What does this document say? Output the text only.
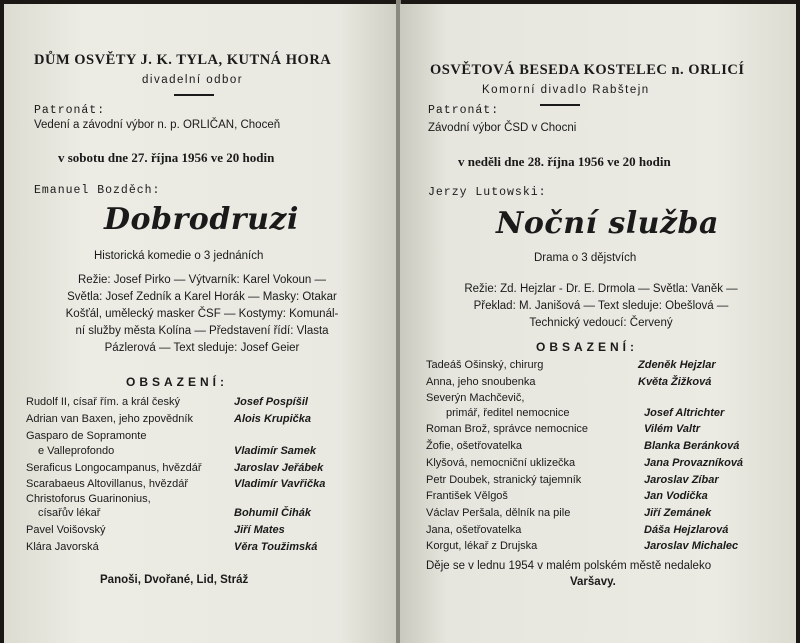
DŮM OSVĚTY J. K. TYLA, KUTNÁ HORA
divadelní odbor
Patronát:
Vedení a závodní výbor n. p. ORLIČAN, Choceň
v sobotu dne 27. října 1956 ve 20 hodin
Emanuel Bozděch:
Dobrodruzi
Historická komedie o 3 jednáních
Režie: Josef Pirko — Výtvarník: Karel Vokoun —
Světla: Josef Zedník a Karel Horák — Masky: Otakar
Košťál, umělecký masker ČSF — Kostymy: Komunál-
ní služby města Kolína — Představení řídí: Vlasta
Pázlerová — Text sleduje: Josef Geier
OBSAZENÍ:
Rudolf II, císař řím. a král český	Josef Pospíšil
Adrian van Baxen, jeho zpovědník	Alois Krupička
Gasparo de Sopramonte
e Valleprofondo	Vladimír Samek
Seraficus Longocampanus, hvězdář	Jaroslav Jeřábek
Scarabaeus Altovillanus, hvězdář	Vladimír Vavřička
Christoforus Guarinonius,
císařův lékař	Bohumil Čihák
Pavel Voišovský	Jiří Mates
Klára Javorská	Věra Toužimská
Panoši, Dvořané, Lid, Stráž
OSVĚTOVÁ BESEDA KOSTELEC n. ORLICÍ
Komorní divadlo Rabštejn
Patronát:
Závodní výbor ČSD v Chocni
v neděli dne 28. října 1956 ve 20 hodin
Jerzy Lutowski:
Noční služba
Drama o 3 dějstvích
Režie: Zd. Hejzlar - Dr. E. Drmola — Světla: Vaněk —
Překlad: M. Janišová — Text sleduje: Obešlová —
Technický vedoucí: Červený
OBSAZENÍ:
Tadeáš Ošinský, chirurg	Zdeněk Hejzlar
Anna, jeho snoubenka	Květa Žižková
Severýn Machčevič,
primář, ředitel nemocnice	Josef Altrichter
Roman Brož, správce nemocnice	Vilém Valtr
Žofie, ošetřovatelka	Blanka Beránková
Klyšová, nemocniční uklizečka	Jana Provazníková
Petr Doubek, stranický tajemník	Jaroslav Zíbar
František Vělgoš	Jan Vodička
Václav Peršala, dělník na pile	Jiří Zemánek
Jana, ošetřovatelka	Dáša Hejzlarová
Korgut, lékař z Drujska	Jaroslav Michalec
Děje se v lednu 1954 v malém polském městě nedaleko
Varšavy.
